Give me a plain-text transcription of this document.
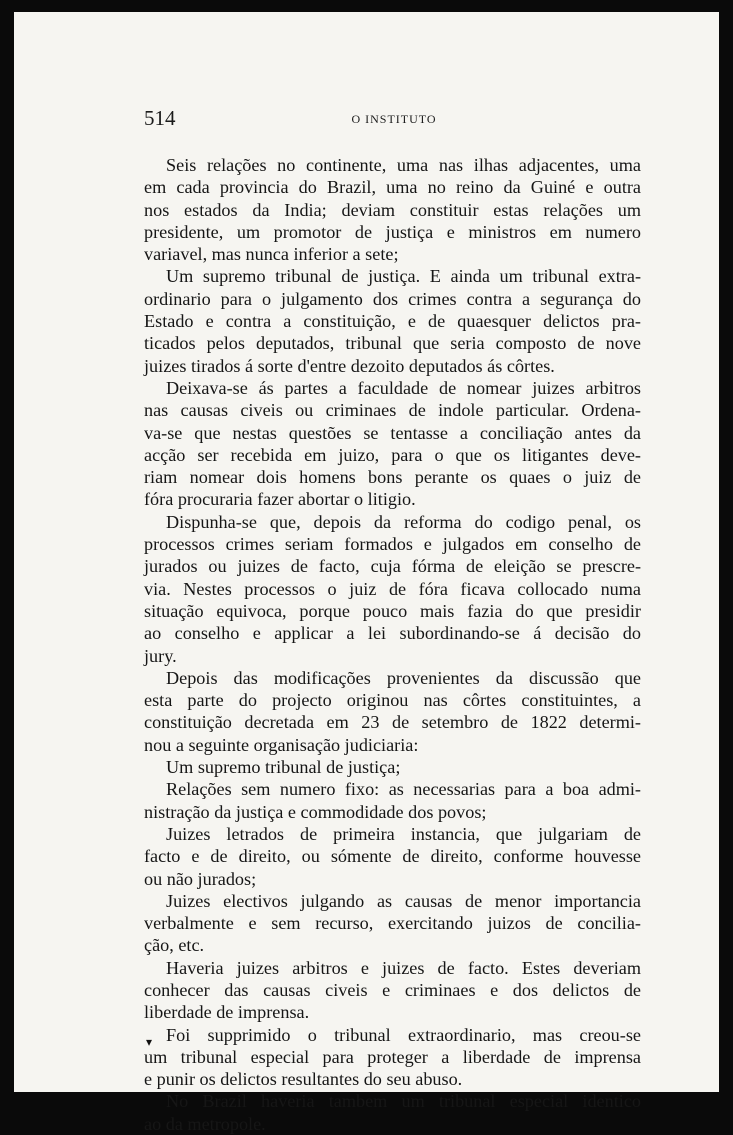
514	O INSTITUTO
Seis relações no continente, uma nas ilhas adjacentes, uma
em cada provincia do Brazil, uma no reino da Guiné e outra
nos estados da India; deviam constituir estas relações um
presidente, um promotor de justiça e ministros em numero
variavel, mas nunca inferior a sete;
Um supremo tribunal de justiça. E ainda um tribunal extra-
ordinario para o julgamento dos crimes contra a segurança do
Estado e contra a constituição, e de quaesquer delictos pra-
ticados pelos deputados, tribunal que seria composto de nove
juizes tirados á sorte d'entre dezoito deputados ás côrtes.
Deixava-se ás partes a faculdade de nomear juizes arbitros
nas causas civeis ou criminaes de indole particular. Ordena-
va-se que nestas questões se tentasse a conciliação antes da
acção ser recebida em juizo, para o que os litigantes deve-
riam nomear dois homens bons perante os quaes o juiz de
fóra procuraria fazer abortar o litigio.
Dispunha-se que, depois da reforma do codigo penal, os
processos crimes seriam formados e julgados em conselho de
jurados ou juizes de facto, cuja fórma de eleição se prescre-
via. Nestes processos o juiz de fóra ficava collocado numa
situação equivoca, porque pouco mais fazia do que presidir
ao conselho e applicar a lei subordinando-se á decisão do
jury.
Depois das modificações provenientes da discussão que
esta parte do projecto originou nas côrtes constituintes, a
constituição decretada em 23 de setembro de 1822 determi-
nou a seguinte organisação judiciaria:
Um supremo tribunal de justiça;
Relações sem numero fixo: as necessarias para a boa admi-
nistração da justiça e commodidade dos povos;
Juizes letrados de primeira instancia, que julgariam de
facto e de direito, ou sómente de direito, conforme houvesse
ou não jurados;
Juizes electivos julgando as causas de menor importancia
verbalmente e sem recurso, exercitando juizos de concilia-
ção, etc.
Haveria juizes arbitros e juizes de facto. Estes deveriam
conhecer das causas civeis e criminaes e dos delictos de
liberdade de imprensa.
Foi supprimido o tribunal extraordinario, mas creou-se
um tribunal especial para proteger a liberdade de imprensa
e punir os delictos resultantes do seu abuso.
No Brazil haveria tambem um tribunal especial identico
ao da metropole.
▾
